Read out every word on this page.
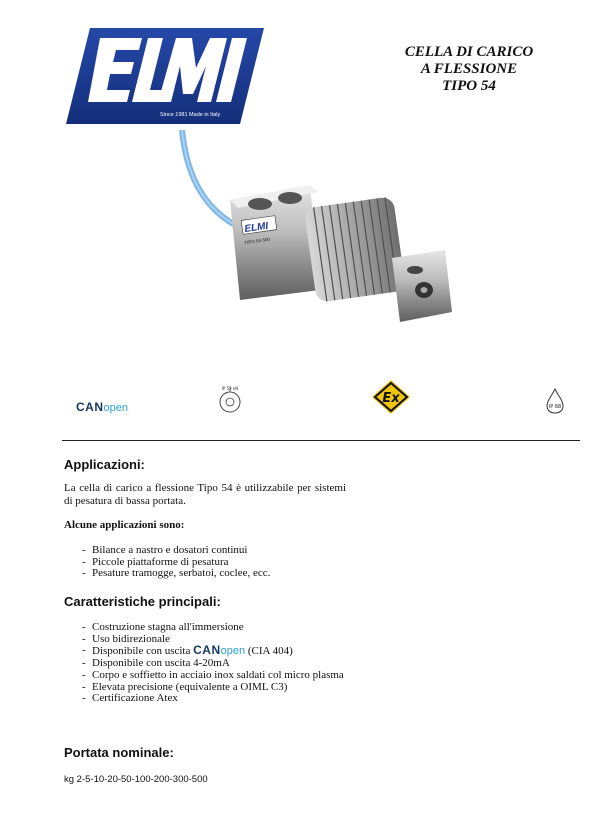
Since 1981 Made in Italy
CELLA DI CARICO
A FLESSIONE
TIPO 54
ELMI
TIPO 54-500
CANopen
IP 53 kN
Ex
IP 68
Applicazioni:
La cella di carico a flessione Tipo 54 è utilizzabile per sistemi di pesatura di bassa portata.
Alcune applicazioni sono:
- Bilance a nastro e dosatori continui
- Piccole piattaforme di pesatura
- Pesature tramogge, serbatoi, coclee, ecc.
Caratteristiche principali:
- Costruzione stagna all'immersione
- Uso bidirezionale
- Disponibile con uscita CANopen (CIA 404)
- Disponibile con uscita 4-20mA
- Corpo e soffietto in acciaio inox saldati col micro plasma
- Elevata precisione (equivalente a OIML C3)
- Certificazione Atex
Portata nominale:
kg 2-5-10-20-50-100-200-300-500
